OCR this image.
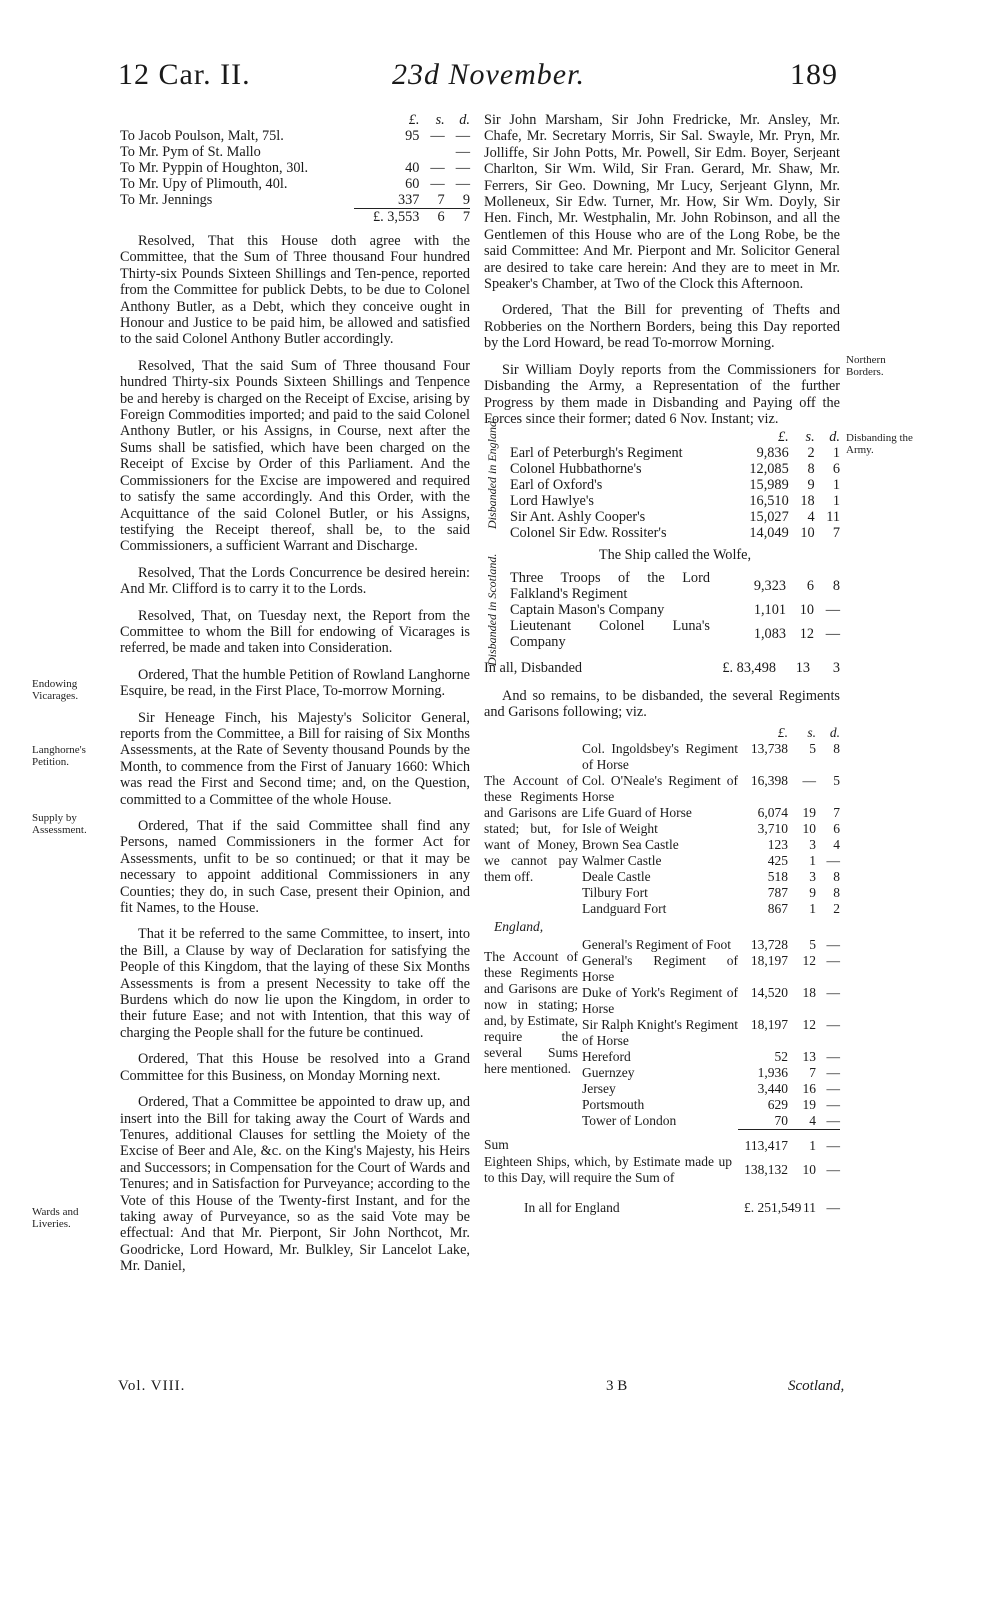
12 Car. II.	23d November.	189
	£.	s.	d.
To Jacob Poulson, Malt, 75l.	95	—	—
To Mr. Pym of St. Mallo			—
To Mr. Pyppin of Houghton, 30l.	40	—	—
To Mr. Upy of Plimouth, 40l.	60	—	—
To Mr. Jennings	337	7	9
	£. 3,553	6	7

Resolved, That this House doth agree with the Committee, that the Sum of Three thousand Four hundred Thirty-six Pounds Sixteen Shillings and Ten-pence, reported from the Committee for publick Debts, to be due to Colonel Anthony Butler, as a Debt, which they conceive ought in Honour and Justice to be paid him, be allowed and satisfied to the said Colonel Anthony Butler accordingly.

Resolved, That the said Sum of Three thousand Four hundred Thirty-six Pounds Sixteen Shillings and Tenpence be and hereby is charged on the Receipt of Excise, arising by Foreign Commodities imported; and paid to the said Colonel Anthony Butler, or his Assigns, in Course, next after the Sums shall be satisfied, which have been charged on the Receipt of Excise by Order of this Parliament. And the Commissioners for the Excise are impowered and required to satisfy the same accordingly. And this Order, with the Acquittance of the said Colonel Butler, or his Assigns, testifying the Receipt thereof, shall be, to the said Commissioners, a sufficient Warrant and Discharge.

Resolved, That the Lords Concurrence be desired herein: And Mr. Clifford is to carry it to the Lords.

Resolved, That, on Tuesday next, the Report from the Committee to whom the Bill for endowing of Vicarages is referred, be made and taken into Consideration.

Ordered, That the humble Petition of Rowland Langhorne Esquire, be read, in the First Place, To-morrow Morning.

Sir Heneage Finch, his Majesty's Solicitor General, reports from the Committee, a Bill for raising of Six Months Assessments, at the Rate of Seventy thousand Pounds by the Month, to commence from the First of January 1660: Which was read the First and Second time; and, on the Question, committed to a Committee of the whole House.

Ordered, That if the said Committee shall find any Persons, named Commissioners in the former Act for Assessments, unfit to be so continued; or that it may be necessary to appoint additional Commissioners in any Counties; they do, in such Case, present their Opinion, and fit Names, to the House.

That it be referred to the same Committee, to insert, into the Bill, a Clause by way of Declaration for satisfying the People of this Kingdom, that the laying of these Six Months Assessments is from a present Necessity to take off the Burdens which do now lie upon the Kingdom, in order to their future Ease; and not with Intention, that this way of charging the People shall for the future be continued.

Ordered, That this House be resolved into a Grand Committee for this Business, on Monday Morning next.

Ordered, That a Committee be appointed to draw up, and insert into the Bill for taking away the Court of Wards and Tenures, additional Clauses for settling the Moiety of the Excise of Beer and Ale, &c. on the King's Majesty, his Heirs and Successors; in Compensation for the Court of Wards and Tenures; and in Satisfaction for Purveyance; according to the Vote of this House of the Twenty-first Instant, and for the taking away of Purveyance, so as the said Vote may be effectual: And that Mr. Pierpont, Sir John Northcot, Mr. Goodricke, Lord Howard, Mr. Bulkley, Sir Lancelot Lake, Mr. Daniel,

Endowing Vicarages.
Langhorne's Petition.
Supply by Assessment.
Wards and Liveries.
Northern Borders.
Disbanding the Army.
Vol. VIII.	3 B	Scotland,

Sir John Marsham, Sir John Fredricke, Mr. Ansley, Mr. Chafe, Mr. Secretary Morris, Sir Sal. Swayle, Mr. Pryn, Mr. Jolliffe, Sir John Potts, Mr. Powell, Sir Edm. Boyer, Serjeant Charlton, Sir Wm. Wild, Sir Fran. Gerard, Mr. Shaw, Mr. Ferrers, Sir Geo. Downing, Mr Lucy, Serjeant Glynn, Mr. Molleneux, Sir Edw. Turner, Mr. How, Sir Wm. Doyly, Sir Hen. Finch, Mr. Westphalin, Mr. John Robinson, and all the Gentlemen of this House who are of the Long Robe, be the said Committee: And Mr. Pierpont and Mr. Solicitor General are desired to take care herein: And they are to meet in Mr. Speaker's Chamber, at Two of the Clock this Afternoon.

Ordered, That the Bill for preventing of Thefts and Robberies on the Northern Borders, being this Day reported by the Lord Howard, be read To-morrow Morning.

Sir William Doyly reports from the Commissioners for Disbanding the Army, a Representation of the further Progress by them made in Disbanding and Paying off the Forces since their former; dated 6 Nov. Instant; viz.

Disbanded in England.
		£.	s.	d.
Earl of Peterburgh's Regiment	9,836	2	1
Colonel Hubbathorne's	12,085	8	6
Earl of Oxford's	15,989	9	1
Lord Hawlye's	16,510	18	1
Sir Ant. Ashly Cooper's	15,027	4	11
Colonel Sir Edw. Rossiter's	14,049	10	7
The Ship called the Wolfe,
Disbanded in Scotland. Three Troops of the Lord Falkland's Regiment	9,323	6	8
Captain Mason's Company	1,101	10	—
Lieutenant Colonel Luna's Company	1,083	12	—
In all, Disbanded	£. 83,498	13	3

And so remains, to be disbanded, the several Regiments and Garisons following; viz.

		£.	s.	d.
The Account of these Regiments and Garisons are stated; but, for want of Money, we cannot pay them off.	Col. Ingoldsbey's Regiment of Horse	13,738	5	8
	Col. O'Neale's Regiment of Horse	16,398	—	5
	Life Guard of Horse	6,074	19	7
	Isle of Weight	3,710	10	6
	Brown Sea Castle	123	3	4
	Walmer Castle	425	1	—
	Deale Castle	518	3	8
	Tilbury Fort	787	9	8
	Landguard Fort	867	1	2
England,				
The Account of these Regiments and Garisons are now in stating; and, by Estimate, require the several Sums here mentioned.	General's Regiment of Foot	13,728	5	—
	General's Regiment of Horse	18,197	12	—
	Duke of York's Regiment of Horse	14,520	18	—
	Sir Ralph Knight's Regiment of Horse	18,197	12	—
	Hereford	52	13	—
	Guernzey	1,936	7	—
	Jersey	3,440	16	—
	Portsmouth	629	19	—
	Tower of London	70	4	—
Sum		113,417	1	—
Eighteen Ships, which, by Estimate made up to this Day, will require the Sum of		138,132	10	—
In all for England		£. 251,549	11	—
